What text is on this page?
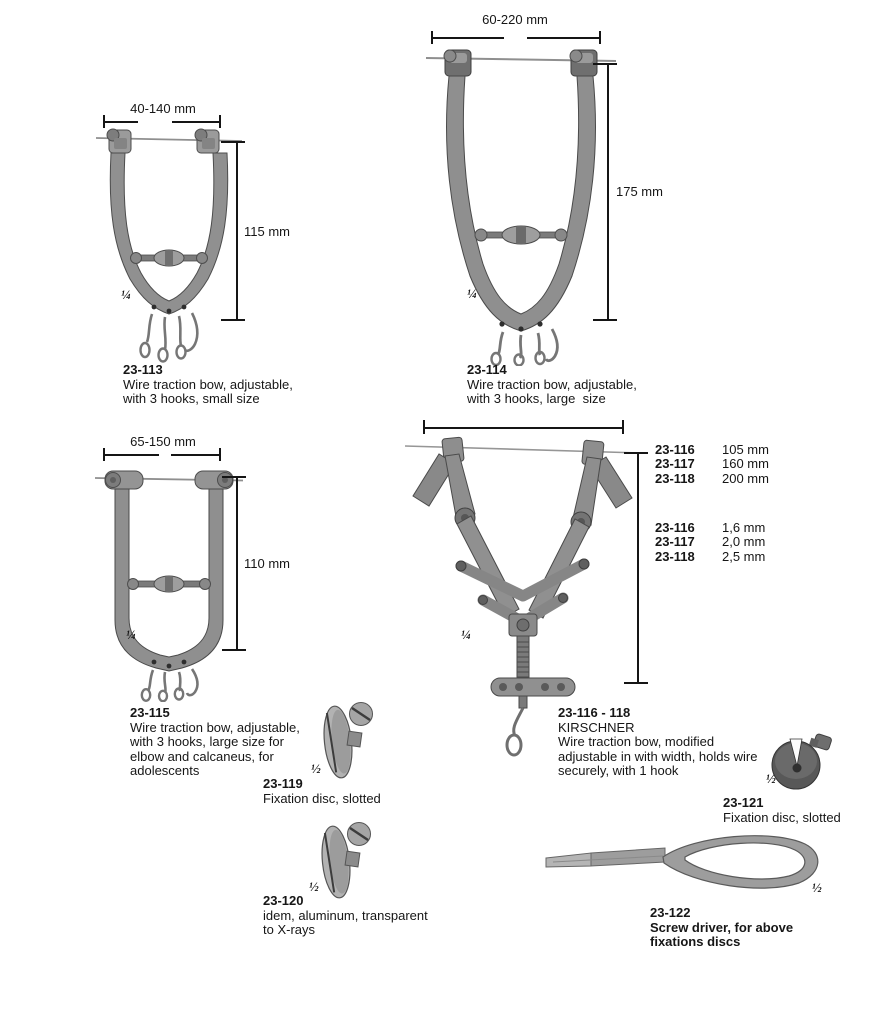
40-140 mm
¼
115 mm
23-113
Wire traction bow, adjustable,
with 3 hooks, small size
60-220 mm
¼
175 mm
23-114
Wire traction bow, adjustable,
with 3 hooks, large  size
65-150 mm
¼
110 mm
23-115
Wire traction bow, adjustable,
with 3 hooks, large size for
elbow and calcaneus, for
adolescents
¼
23-116 105 mm
23-117 160 mm
23-118 200 mm
23-116 1,6 mm
23-117 2,0 mm
23-118 2,5 mm
23-116 - 118
KIRSCHNER
Wire traction bow, modified
adjustable in with width, holds wire
securely, with 1 hook
½
23-119
Fixation disc, slotted
½
23-120
idem, aluminum, transparent
to X-rays
½
23-121
Fixation disc, slotted
½
23-122
Screw driver, for above
fixations discs
